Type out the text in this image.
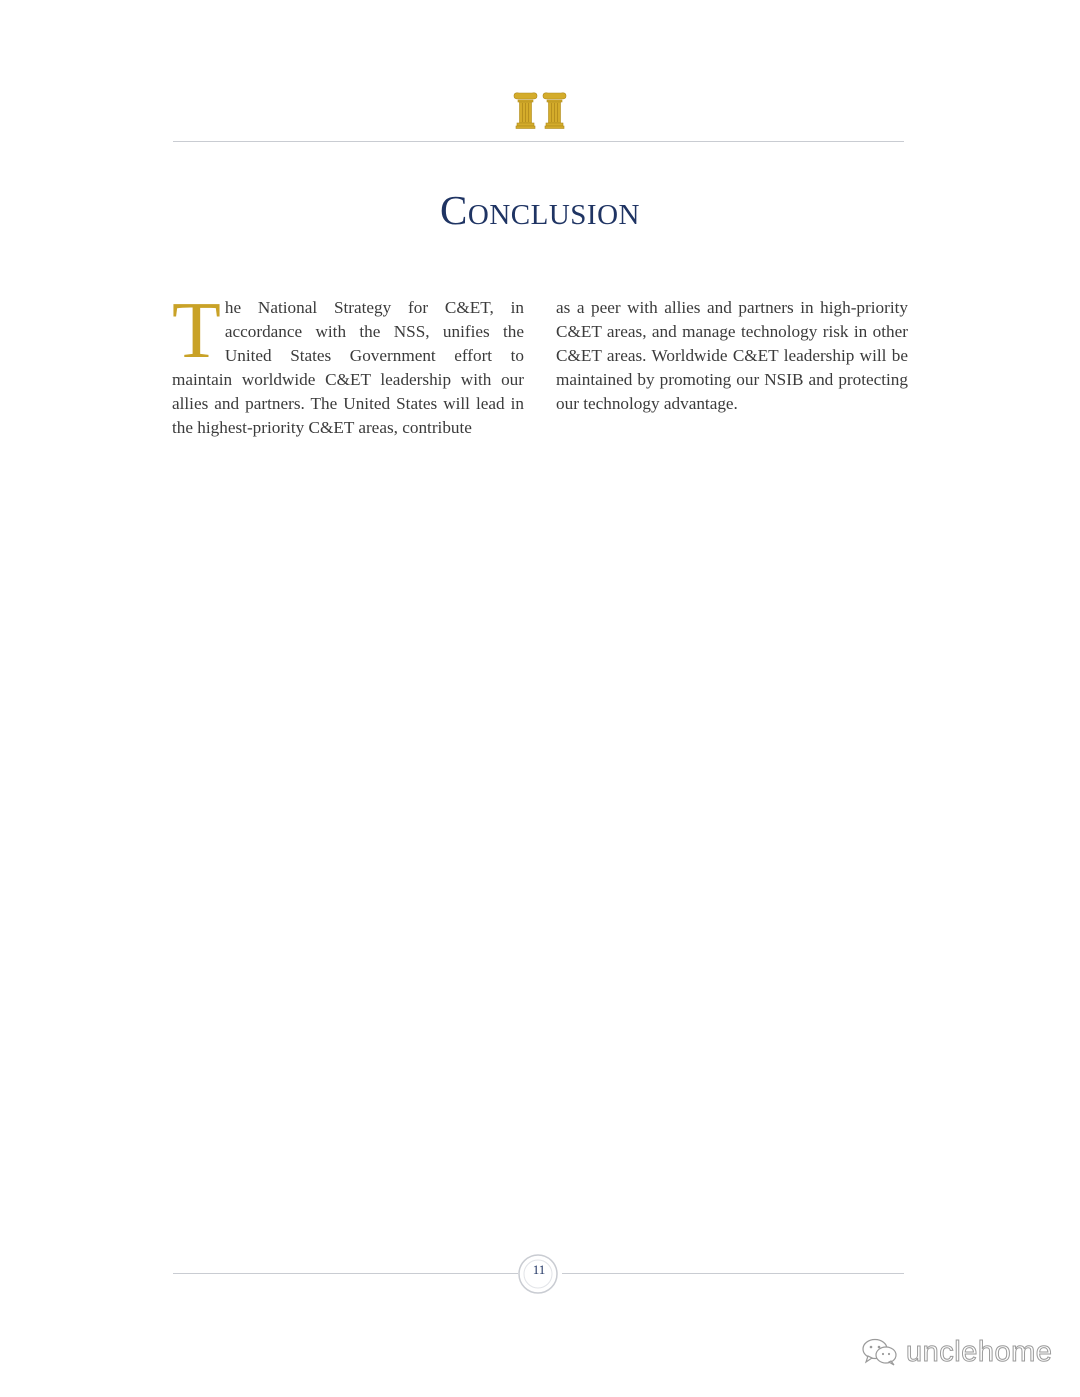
Conclusion
The National Strategy for C&ET, in accordance with the NSS, unifies the United States Government effort to maintain worldwide C&ET leadership with our allies and partners. The United States will lead in the highest-priority C&ET areas, contribute
as a peer with allies and partners in high-priority C&ET areas, and manage technology risk in other C&ET areas. Worldwide C&ET leadership will be maintained by promoting our NSIB and protecting our technology advantage.
11
unclehome
